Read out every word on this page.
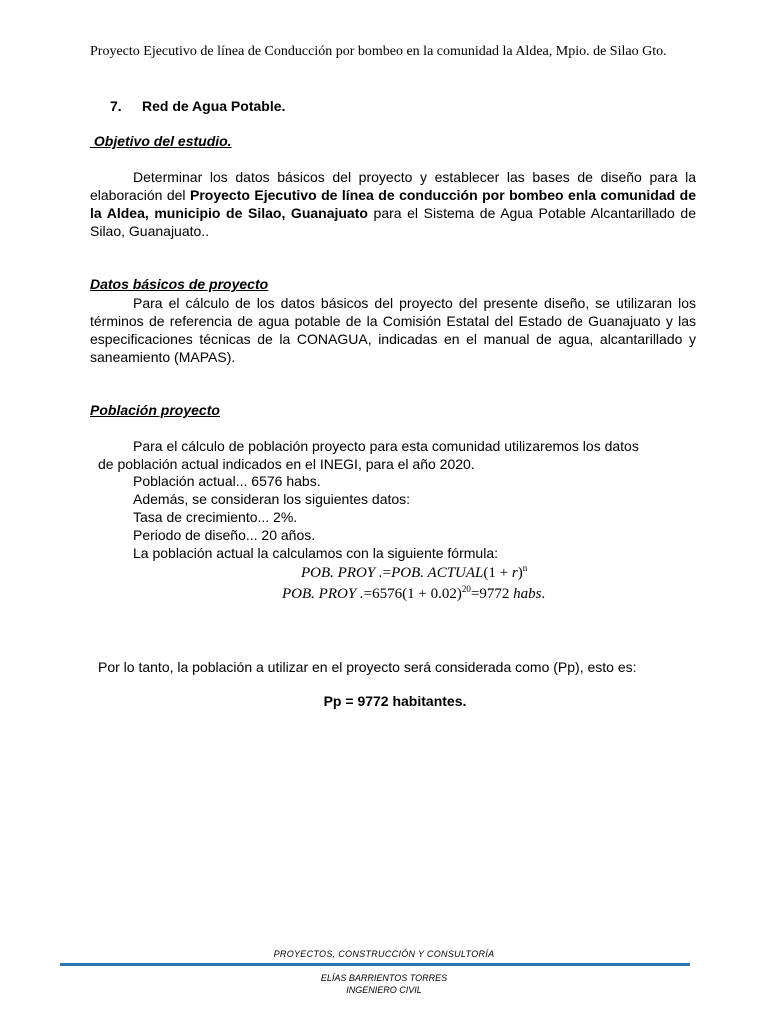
Proyecto Ejecutivo de línea de Conducción por bombeo en la comunidad la Aldea, Mpio. de Silao Gto.
7. Red de Agua Potable.
Objetivo del estudio.
Determinar los datos básicos del proyecto y establecer las bases de diseño para la elaboración del Proyecto Ejecutivo de línea de conducción por bombeo enla comunidad de la Aldea, municipio de Silao, Guanajuato para el Sistema de Agua Potable Alcantarillado de Silao, Guanajuato..
Datos básicos de proyecto
Para el cálculo de los datos básicos del proyecto del presente diseño, se utilizaran los términos de referencia de agua potable de la Comisión Estatal del Estado de Guanajuato y las especificaciones técnicas de la CONAGUA, indicadas en el manual de agua, alcantarillado y saneamiento (MAPAS).
Población proyecto
Para el cálculo de población proyecto para esta comunidad utilizaremos los datos
de población actual indicados en el INEGI, para el año 2020.
Población actual... 6576 habs.
Además, se consideran los siguientes datos:
Tasa de crecimiento... 2%.
Periodo de diseño... 20 años.
La población actual la calculamos con la siguiente fórmula:
POB. PROY .=POB. ACTUAL(1 + r)$^n$
POB. PROY $.=6576(1 + 0.02)^{20}=9772$ habs.
Por lo tanto, la población a utilizar en el proyecto será considerada como (Pp), esto es:
Pp = 9772 habitantes.
PROYECTOS, CONSTRUCCIÓN Y CONSULTORÍA
ELÍAS BARRIENTOS TORRES
INGENIERO CIVIL
